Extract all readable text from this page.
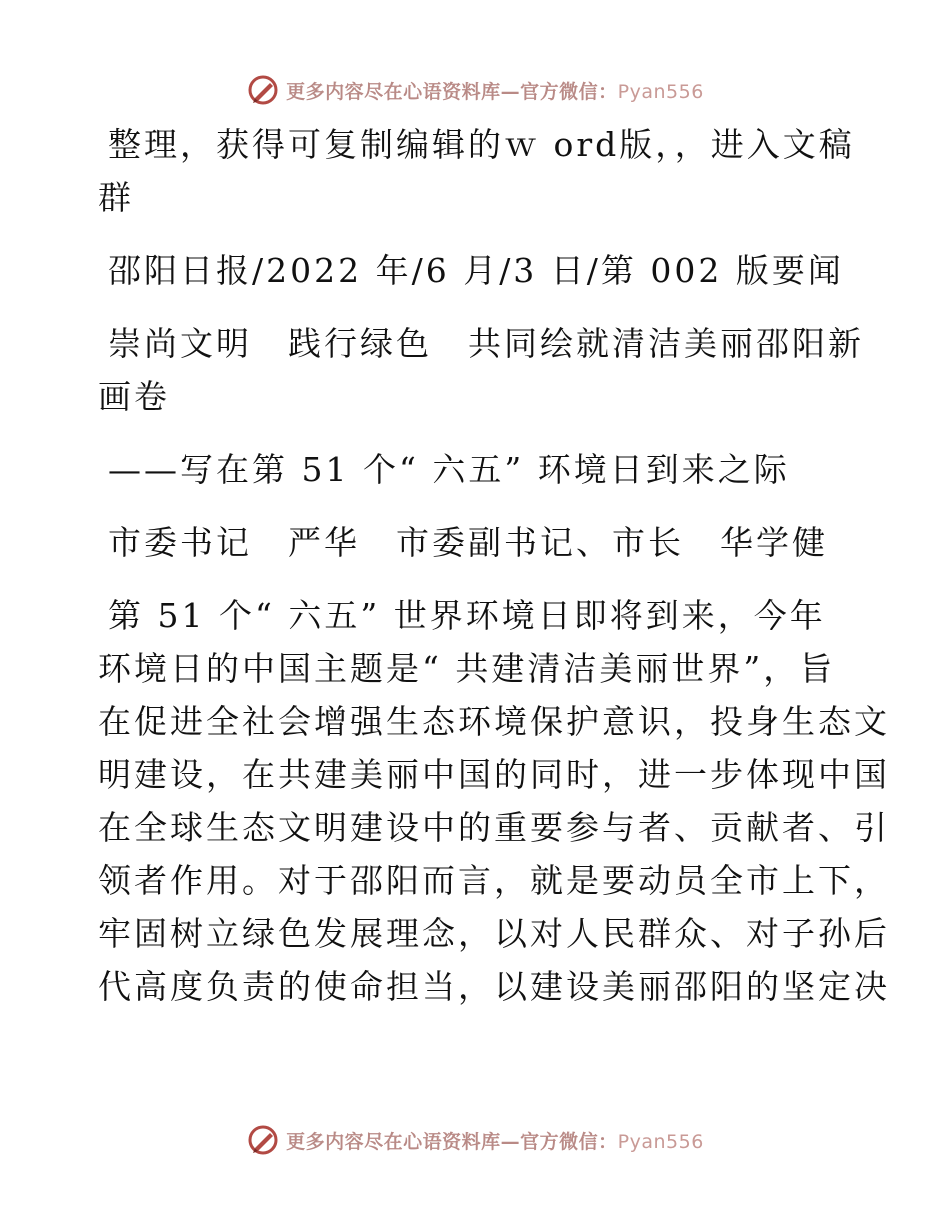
更多内容尽在心语资料库—官方微信：Pyan556
整理，获得可复制编辑的ｗ ord版，，进入文稿
群
邵阳日报/2022 年/6 月/3 日/第 002 版要闻
崇尚文明　践行绿色　共同绘就清洁美丽邵阳新
画卷
——写在第 51 个“ 六五” 环境日到来之际
市委书记　严华　市委副书记、市长　华学健
第 51 个“ 六五” 世界环境日即将到来，今年
环境日的中国主题是“ 共建清洁美丽世界”，旨
在促进全社会增强生态环境保护意识，投身生态文
明建设，在共建美丽中国的同时，进一步体现中国
在全球生态文明建设中的重要参与者、贡献者、引
领者作用。对于邵阳而言，就是要动员全市上下，
牢固树立绿色发展理念，以对人民群众、对子孙后
代高度负责的使命担当，以建设美丽邵阳的坚定决
更多内容尽在心语资料库—官方微信：Pyan556
